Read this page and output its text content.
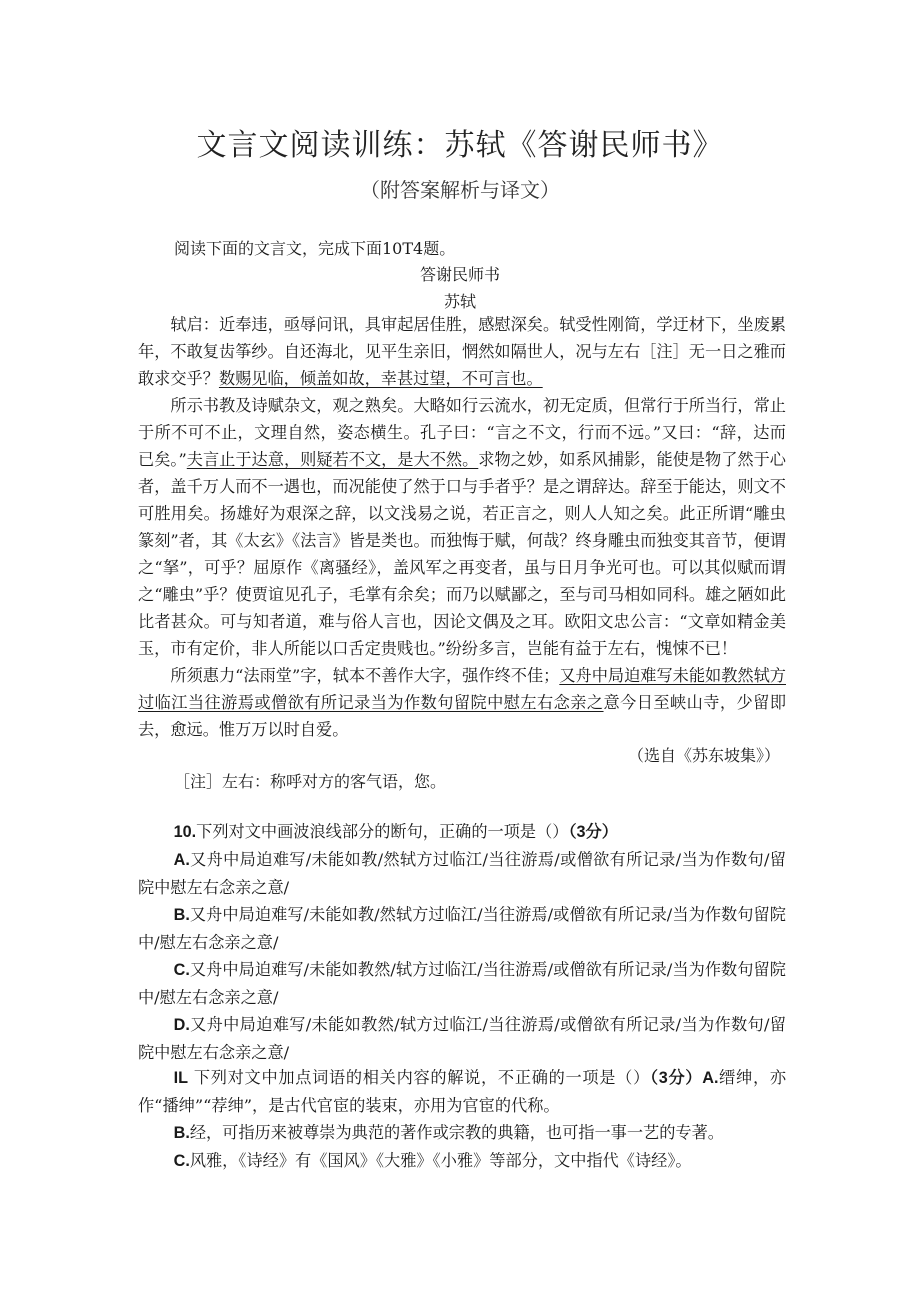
文言文阅读训练：苏轼《答谢民师书》
（附答案解析与译文）
阅读下面的文言文，完成下面10T4题。
答谢民师书
苏轼

轼启：近奉违，亟辱问讯，具审起居佳胜，感慰深矣。轼受性刚简，学迂材下，坐废累年，不敢复齿筝纱。自还海北，见平生亲旧，惘然如隔世人，况与左右［注］无一日之雅而敢求交乎？数赐见临，倾盖如故，幸甚过望，不可言也。

所示书教及诗赋杂文，观之熟矣。大略如行云流水，初无定质，但常行于所当行，常止于所不可不止，文理自然，姿态横生。孔子曰：“言之不文，行而不远。”又曰：“辞，达而已矣。”夫言止于达意，则疑若不文，是大不然。求物之妙，如系风捕影，能使是物了然于心者，盖千万人而不一遇也，而况能使了然于口与手者乎？是之谓辞达。辞至于能达，则文不可胜用矣。扬雄好为艰深之辞，以文浅易之说，若正言之，则人人知之矣。此正所谓“雕虫篆刻”者，其《太玄》《法言》皆是类也。而独悔于赋，何哉？终身雕虫而独变其音节，便谓之“拏”，可乎？屈原作《离骚经》，盖风军之再变者，虽与日月争光可也。可以其似赋而谓之“雕虫”乎？使贾谊见孔子，毛掌有余矣；而乃以赋鄙之，至与司马相如同科。雄之陋如此比者甚众。可与知者道，难与俗人言也，因论文偶及之耳。欧阳文忠公言：“文章如精金美玉，市有定价，非人所能以口舌定贵贱也。”纷纷多言，岂能有益于左右，愧悚不已！

所须惠力“法雨堂”字，轼本不善作大字，强作终不佳；又舟中局迫难写未能如教然轼方过临江当往游焉或僧欲有所记录当为作数句留院中慰左右念亲之意今日至峡山寺，少留即去，愈远。惟万万以时自爱。

（选自《苏东坡集》）
［注］左右：称呼对方的客气语，您。

10.下列对文中画波浪线部分的断句，正确的一项是（）（3分）

A.又舟中局迫难写/未能如教/然轼方过临江/当往游焉/或僧欲有所记录/当为作数句/留院中慰左右念亲之意/

B.又舟中局迫难写/未能如教/然轼方过临江/当往游焉/或僧欲有所记录/当为作数句留院中/慰左右念亲之意/

C.又舟中局迫难写/未能如教然/轼方过临江/当往游焉/或僧欲有所记录/当为作数句留院中/慰左右念亲之意/

D.又舟中局迫难写/未能如教然/轼方过临江/当往游焉/或僧欲有所记录/当为作数句/留院中慰左右念亲之意/

IL 下列对文中加点词语的相关内容的解说，不正确的一项是（）（3分）A.缙绅，亦作“播绅”“荐绅”，是古代官宦的装束，亦用为官宦的代称。

B.经，可指历来被尊崇为典范的著作或宗教的典籍，也可指一事一艺的专著。

C.风雅，《诗经》有《国风》《大雅》《小雅》等部分，文中指代《诗经》。
